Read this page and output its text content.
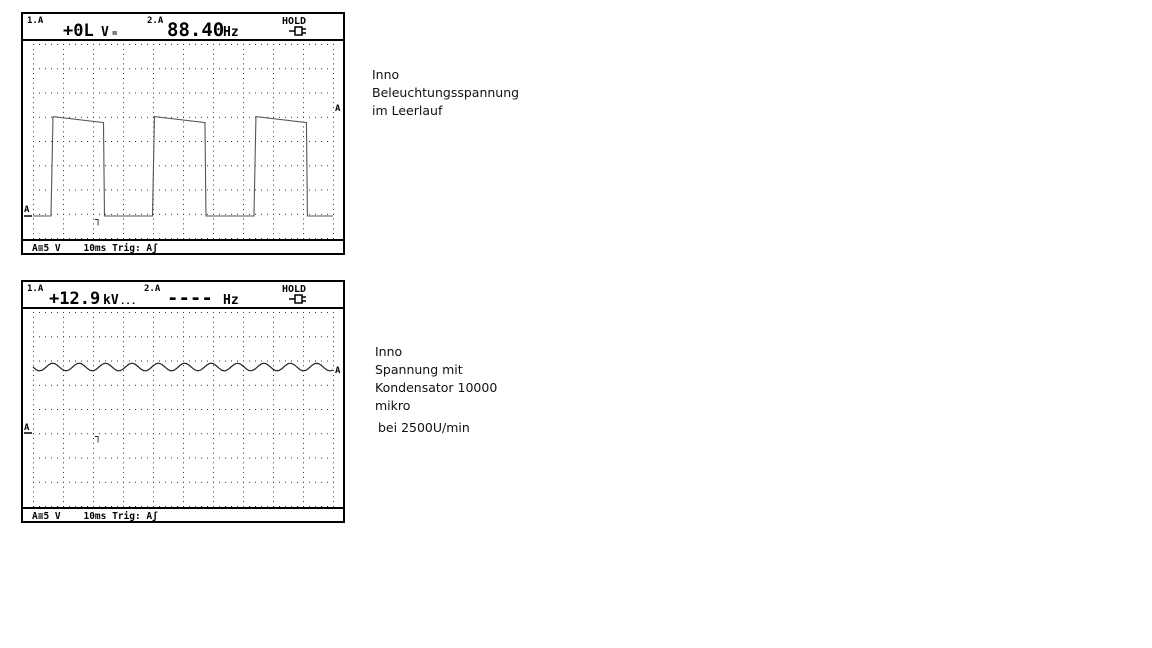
1.A +0L V =
2.A 88.40
Hz
HOLD
A
A
┐
A≡5 V    10ms Trig: Aʃ
1.A +12.9 kV ...
2.A ---- Hz
HOLD
A
A
┐
A≡5 V    10ms Trig: Aʃ
Inno
Beleuchtungsspannung
im Leerlauf
Inno
Spannung mit
Kondensator 10000
mikro
bei 2500U/min
